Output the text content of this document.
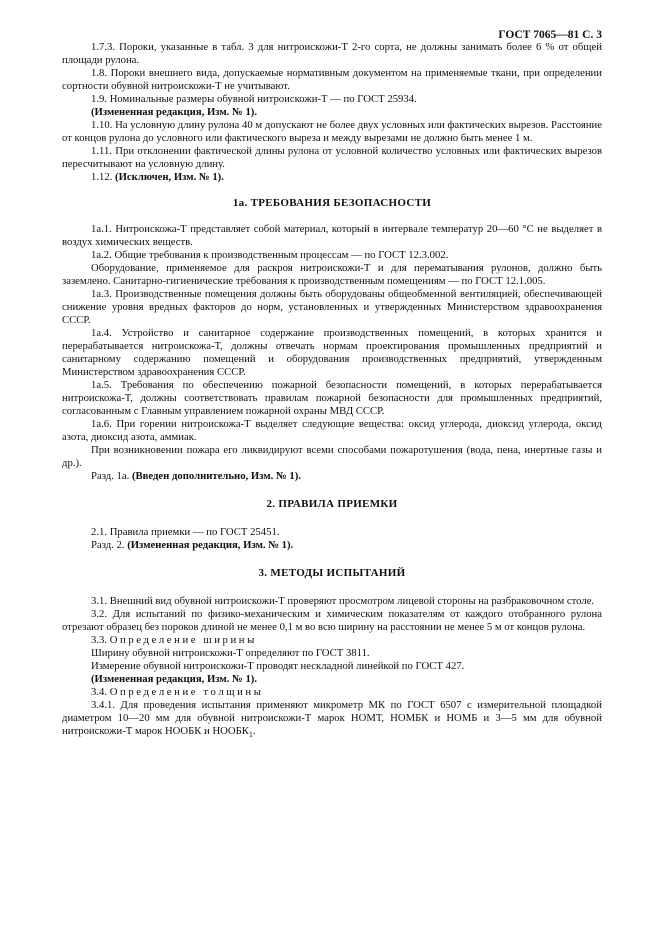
ГОСТ 7065—81 С. 3

1.7.3. Пороки, указанные в табл. 3 для нитроискожи-Т 2-го сорта, не должны занимать более 6 % от общей площади рулона.

1.8. Пороки внешнего вида, допускаемые нормативным документом на применяемые ткани, при определении сортности обувной нитроискожи-Т не учитывают.

1.9. Номинальные размеры обувной нитроискожи-Т — по ГОСТ 25934.

(Измененная редакция, Изм. № 1).

1.10. На условную длину рулона 40 м допускают не более двух условных или фактических вырезов. Расстояние от концов рулона до условного или фактического выреза и между вырезами не должно быть менее 1 м.

1.11. При отклонении фактической длины рулона от условной количество условных или фактических вырезов пересчитывают на условную длину.

1.12. (Исключен, Изм. № 1).

1а. ТРЕБОВАНИЯ БЕЗОПАСНОСТИ

1а.1. Нитроискожа-Т представляет собой материал, который в интервале температур 20—60 °С не выделяет в воздух химических веществ.

1а.2. Общие требования к производственным процессам — по ГОСТ 12.3.002.

Оборудование, применяемое для раскроя нитроискожи-Т и для перематывания рулонов, должно быть заземлено. Санитарно-гигиенические требования к производственным помещениям — по ГОСТ 12.1.005.

1а.3. Производственные помещения должны быть оборудованы общеобменной вентиляцией, обеспечивающей снижение уровня вредных факторов до норм, установленных и утвержденных Министерством здравоохранения СССР.

1а.4. Устройство и санитарное содержание производственных помещений, в которых хранится и перерабатывается нитроискожа-Т, должны отвечать нормам проектирования промышленных предприятий и санитарному содержанию помещений и оборудования производственных предприятий, утвержденным Министерством здравоохранения СССР.

1а.5. Требования по обеспечению пожарной безопасности помещений, в которых перерабатывается нитроискожа-Т, должны соответствовать правилам пожарной безопасности для промышленных предприятий, согласованным с Главным управлением пожарной охраны МВД СССР.

1а.6. При горении нитроискожа-Т выделяет следующие вещества: оксид углерода, диоксид углерода, оксид азота, диоксид азота, аммиак.

При возникновении пожара его ликвидируют всеми способами пожаротушения (вода, пена, инертные газы и др.).

Разд. 1а. (Введен дополнительно, Изм. № 1).

2. ПРАВИЛА ПРИЕМКИ

2.1. Правила приемки — по ГОСТ 25451.

Разд. 2. (Измененная редакция, Изм. № 1).

3. МЕТОДЫ ИСПЫТАНИЙ

3.1. Внешний вид обувной нитроискожи-Т проверяют просмотром лицевой стороны на разбраковочном столе.

3.2. Для испытаний по физико-механическим и химическим показателям от каждого отобранного рулона отрезают образец без пороков длиной не менее 0,1 м во всю ширину на расстоянии не менее 5 м от концов рулона.

3.3. Определение ширины

Ширину обувной нитроискожи-Т определяют по ГОСТ 3811.

Измерение обувной нитроискожи-Т проводят нескладной линейкой по ГОСТ 427.

(Измененная редакция, Изм. № 1).

3.4. Определение толщины

3.4.1. Для проведения испытания применяют микрометр МК по ГОСТ 6507 с измерительной площадкой диаметром 10—20 мм для обувной нитроискожи-Т марок НОМТ, НОМБК и НОМБ и 3—5 мм для обувной нитроискожи-Т марок НООБК и $НООБК_1$.
